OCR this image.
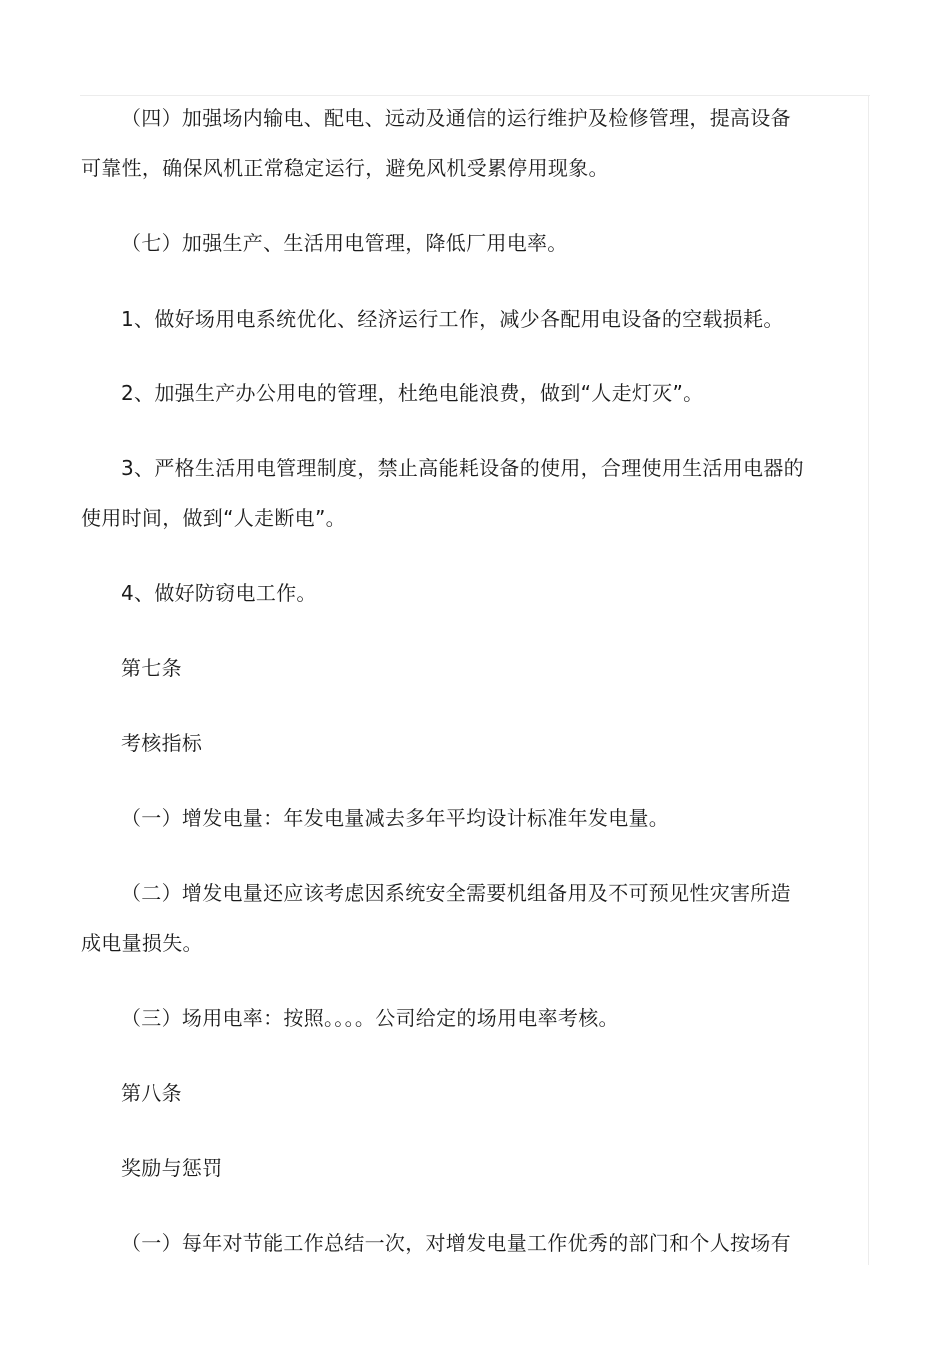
（四）加强场内输电、配电、远动及通信的运行维护及检修管理，提高设备
可靠性，确保风机正常稳定运行，避免风机受累停用现象。
（七）加强生产、生活用电管理，降低厂用电率。
1、做好场用电系统优化、经济运行工作，减少各配用电设备的空载损耗。
2、加强生产办公用电的管理，杜绝电能浪费，做到“人走灯灭”。
3、严格生活用电管理制度，禁止高能耗设备的使用，合理使用生活用电器的
使用时间，做到“人走断电”。
4、做好防窃电工作。
第七条
考核指标
（一）增发电量：年发电量减去多年平均设计标准年发电量。
（二）增发电量还应该考虑因系统安全需要机组备用及不可预见性灾害所造
成电量损失。
（三）场用电率：按照。。。。公司给定的场用电率考核。
第八条
奖励与惩罚
（一）每年对节能工作总结一次，对增发电量工作优秀的部门和个人按场有
